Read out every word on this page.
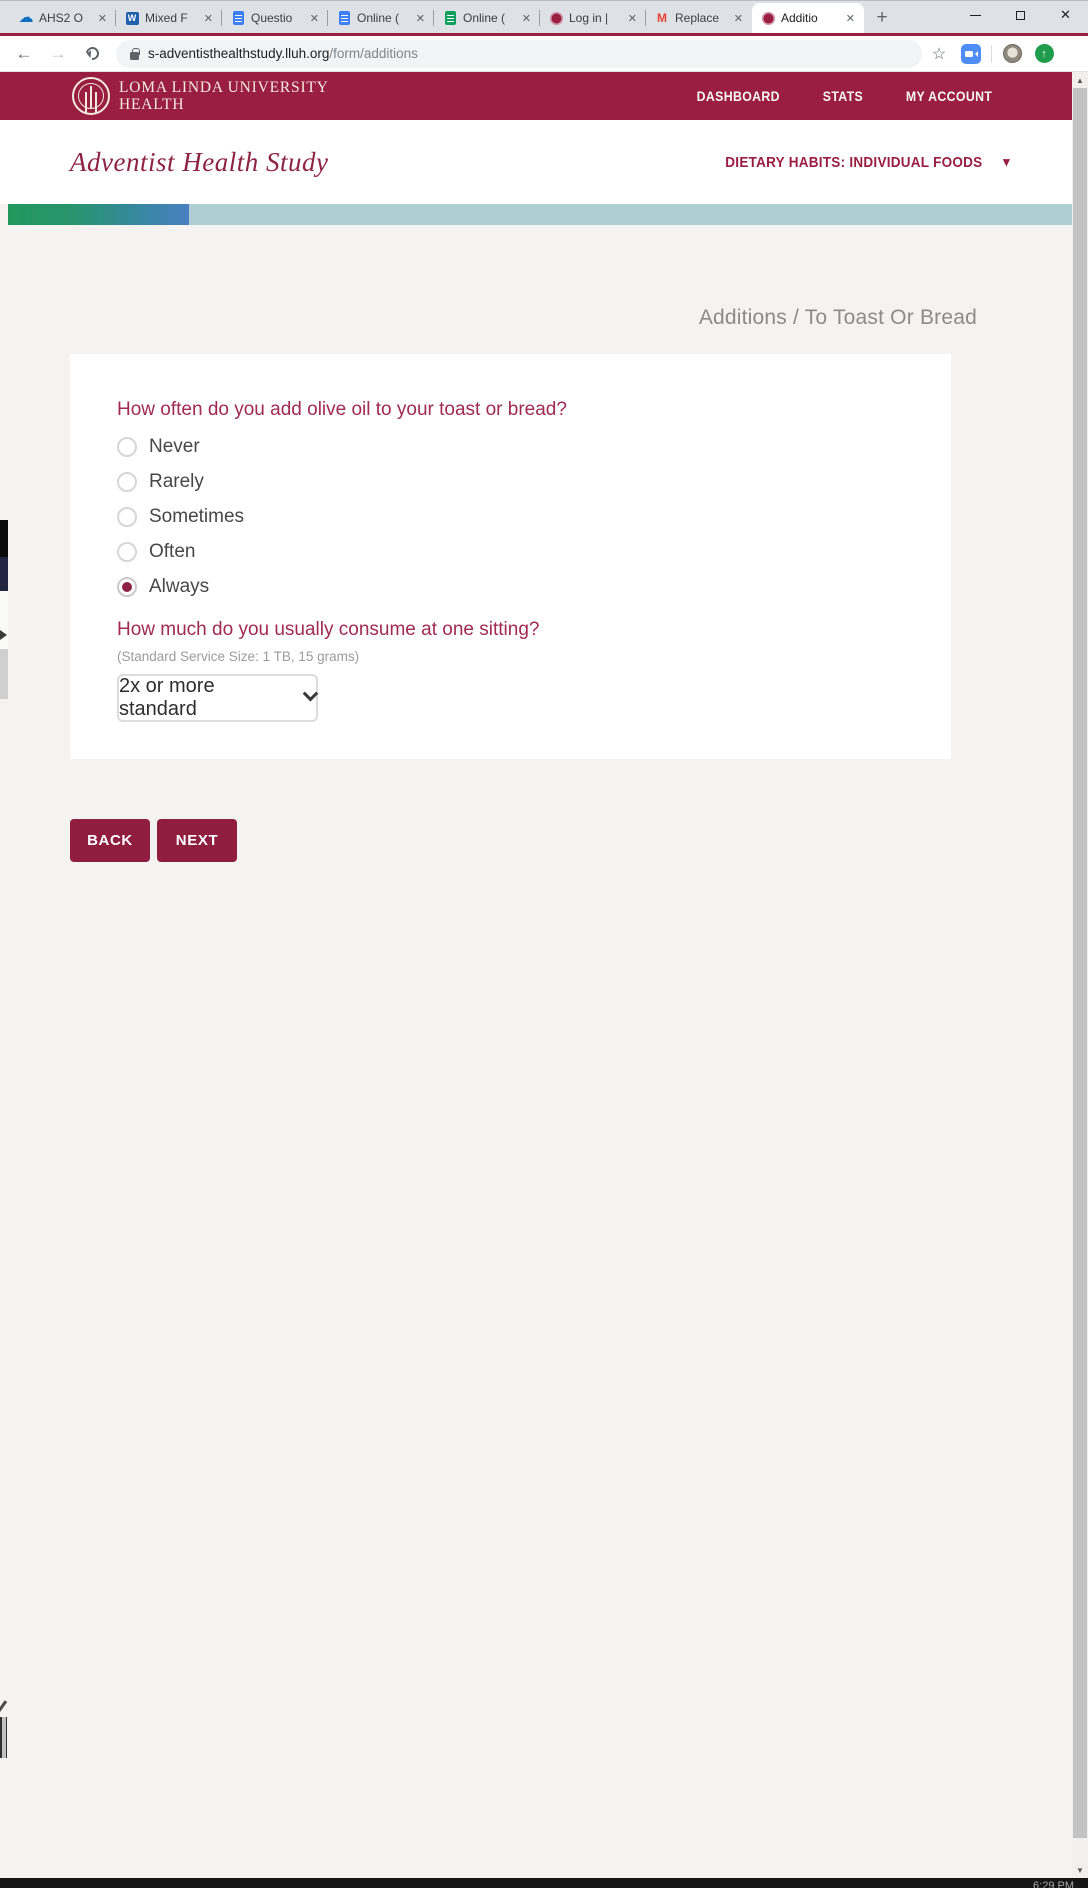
☁ AHS2 O	✕ W	Mixed F	✕	Questio	✕	Online (	✕	Online (	✕	Log in |	✕ M	Replace	✕	Additio	✕	+	✕
←	→	s-adventisthealthstudy.lluh.org/form/additions	☆	↑
LOMA LINDA UNIVERSITY
HEALTH	DASHBOARD	STATS	MY ACCOUNT
Adventist Health Study	DIETARY HABITS: INDIVIDUAL FOODS ▾
Additions / To Toast Or Bread
How often do you add olive oil to your toast or bread?
Never
Rarely
Sometimes
Often
Always
How much do you usually consume at one sitting?
(Standard Service Size: 1 TB, 15 grams)
2x or more standard
BACK	NEXT
▲
▼
6:29 PM
